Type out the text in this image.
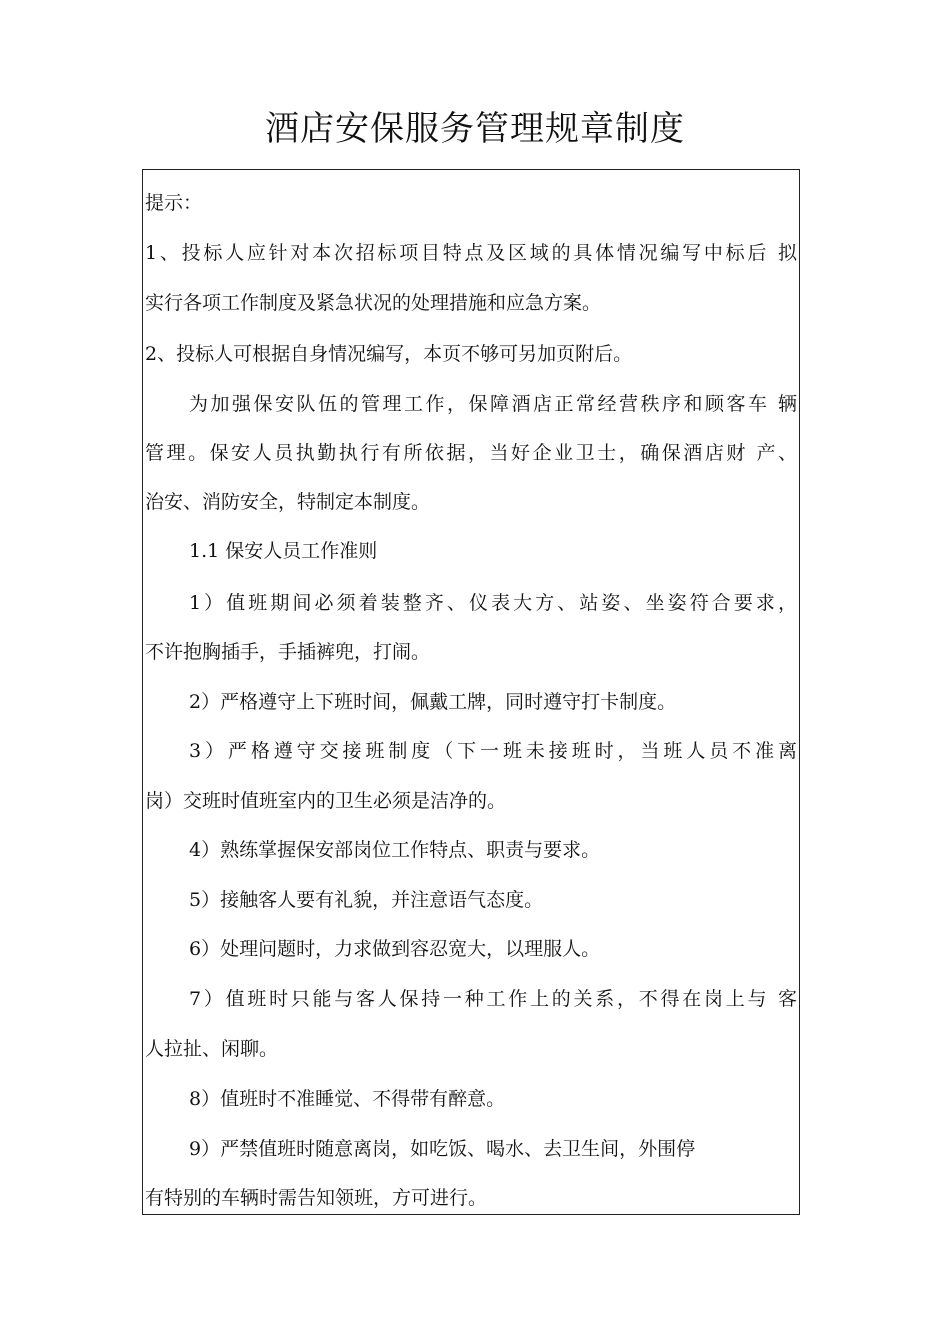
酒店安保服务管理规章制度
提示：
1、投标人应针对本次招标项目特点及区域的具体情况编写中标后 拟
实行各项工作制度及紧急状况的处理措施和应急方案。
2、投标人可根据自身情况编写，本页不够可另加页附后。
为加强保安队伍的管理工作，保障酒店正常经营秩序和顾客车 辆
管理。保安人员执勤执行有所依据，当好企业卫士，确保酒店财 产、
治安、消防安全，特制定本制度。
1.1 保安人员工作准则
1）值班期间必须着装整齐、仪表大方、站姿、坐姿符合要求，
不许抱胸插手，手插裤兜，打闹。
2）严格遵守上下班时间，佩戴工牌，同时遵守打卡制度。
3）严格遵守交接班制度（下一班未接班时，当班人员不准离
岗）交班时值班室内的卫生必须是洁净的。
4）熟练掌握保安部岗位工作特点、职责与要求。
5）接触客人要有礼貌，并注意语气态度。
6）处理问题时，力求做到容忍宽大，以理服人。
7）值班时只能与客人保持一种工作上的关系，不得在岗上与 客
人拉扯、闲聊。
8）值班时不准睡觉、不得带有醉意。
9）严禁值班时随意离岗，如吃饭、喝水、去卫生间，外围停
有特别的车辆时需告知领班，方可进行。
